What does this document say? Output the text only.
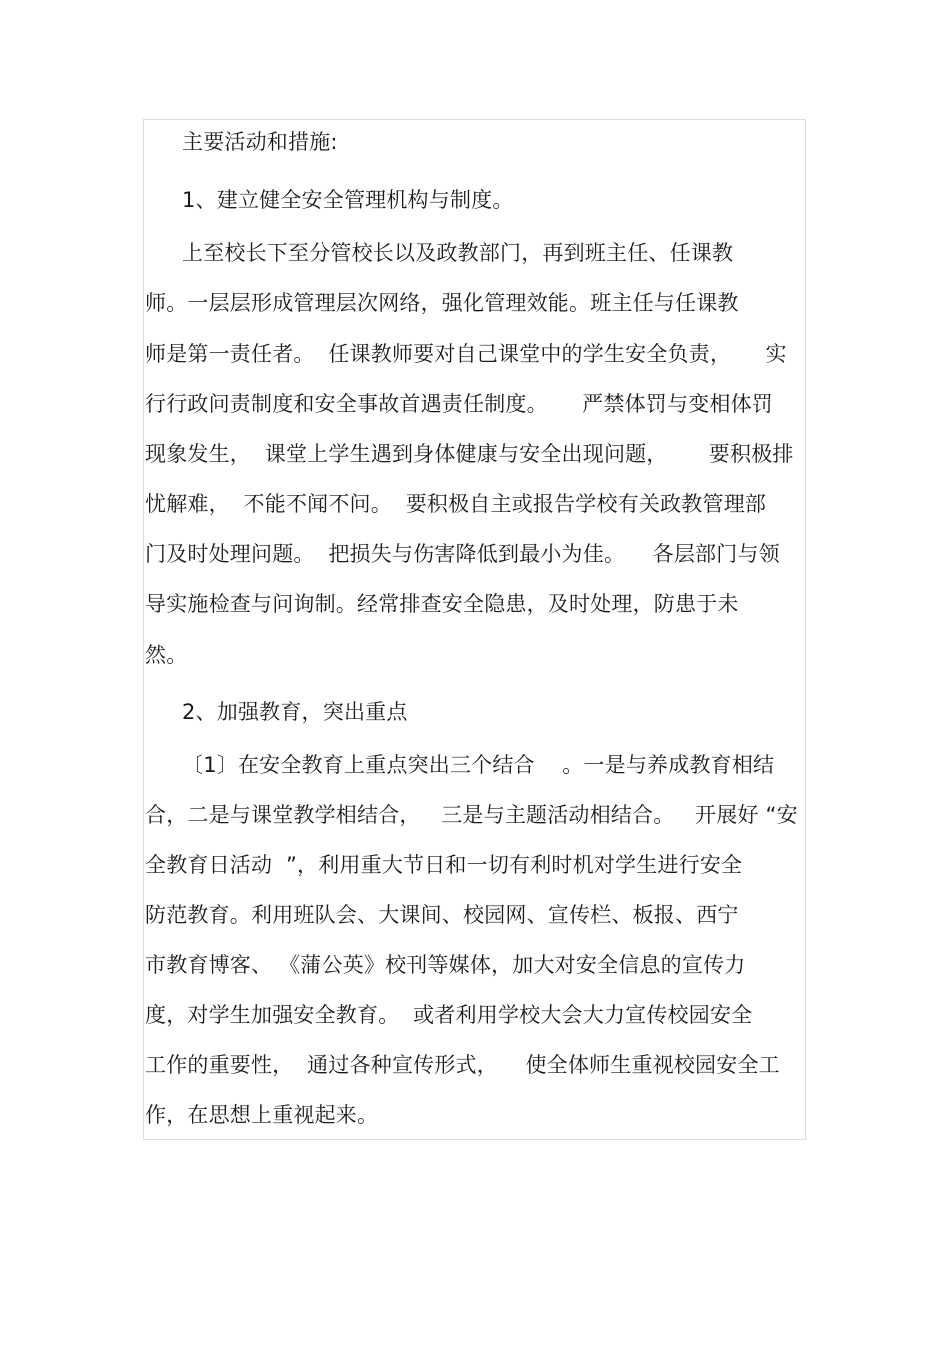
主要活动和措施:
1、建立健全安全管理机构与制度。
上至校长下至分管校长以及政教部门，再到班主任、任课教
师。一层层形成管理层次网络，强化管理效能。班主任与任课教
师是第一责任者。  任课教师要对自己课堂中的学生安全负责，     实
行行政问责制度和安全事故首遇责任制度。     严禁体罚与变相体罚
现象发生，  课堂上学生遇到身体健康与安全出现问题，      要积极排
忧解难，  不能不闻不问。  要积极自主或报告学校有关政教管理部
门及时处理问题。  把损失与伤害降低到最小为佳。    各层部门与领
导实施检查与问询制。经常排查安全隐患，及时处理，防患于未
然。
2、加强教育，突出重点
〔1〕在安全教育上重点突出三个结合    。一是与养成教育相结
合，二是与课堂教学相结合，   三是与主题活动相结合。   开展好 “安
全教育日活动  ”，利用重大节日和一切有利时机对学生进行安全
防范教育。利用班队会、大课间、校园网、宣传栏、板报、西宁
市教育博客、 《蒲公英》校刊等媒体，加大对安全信息的宣传力
度，对学生加强安全教育。  或者利用学校大会大力宣传校园安全
工作的重要性，  通过各种宣传形式，    使全体师生重视校园安全工
作，在思想上重视起来。
